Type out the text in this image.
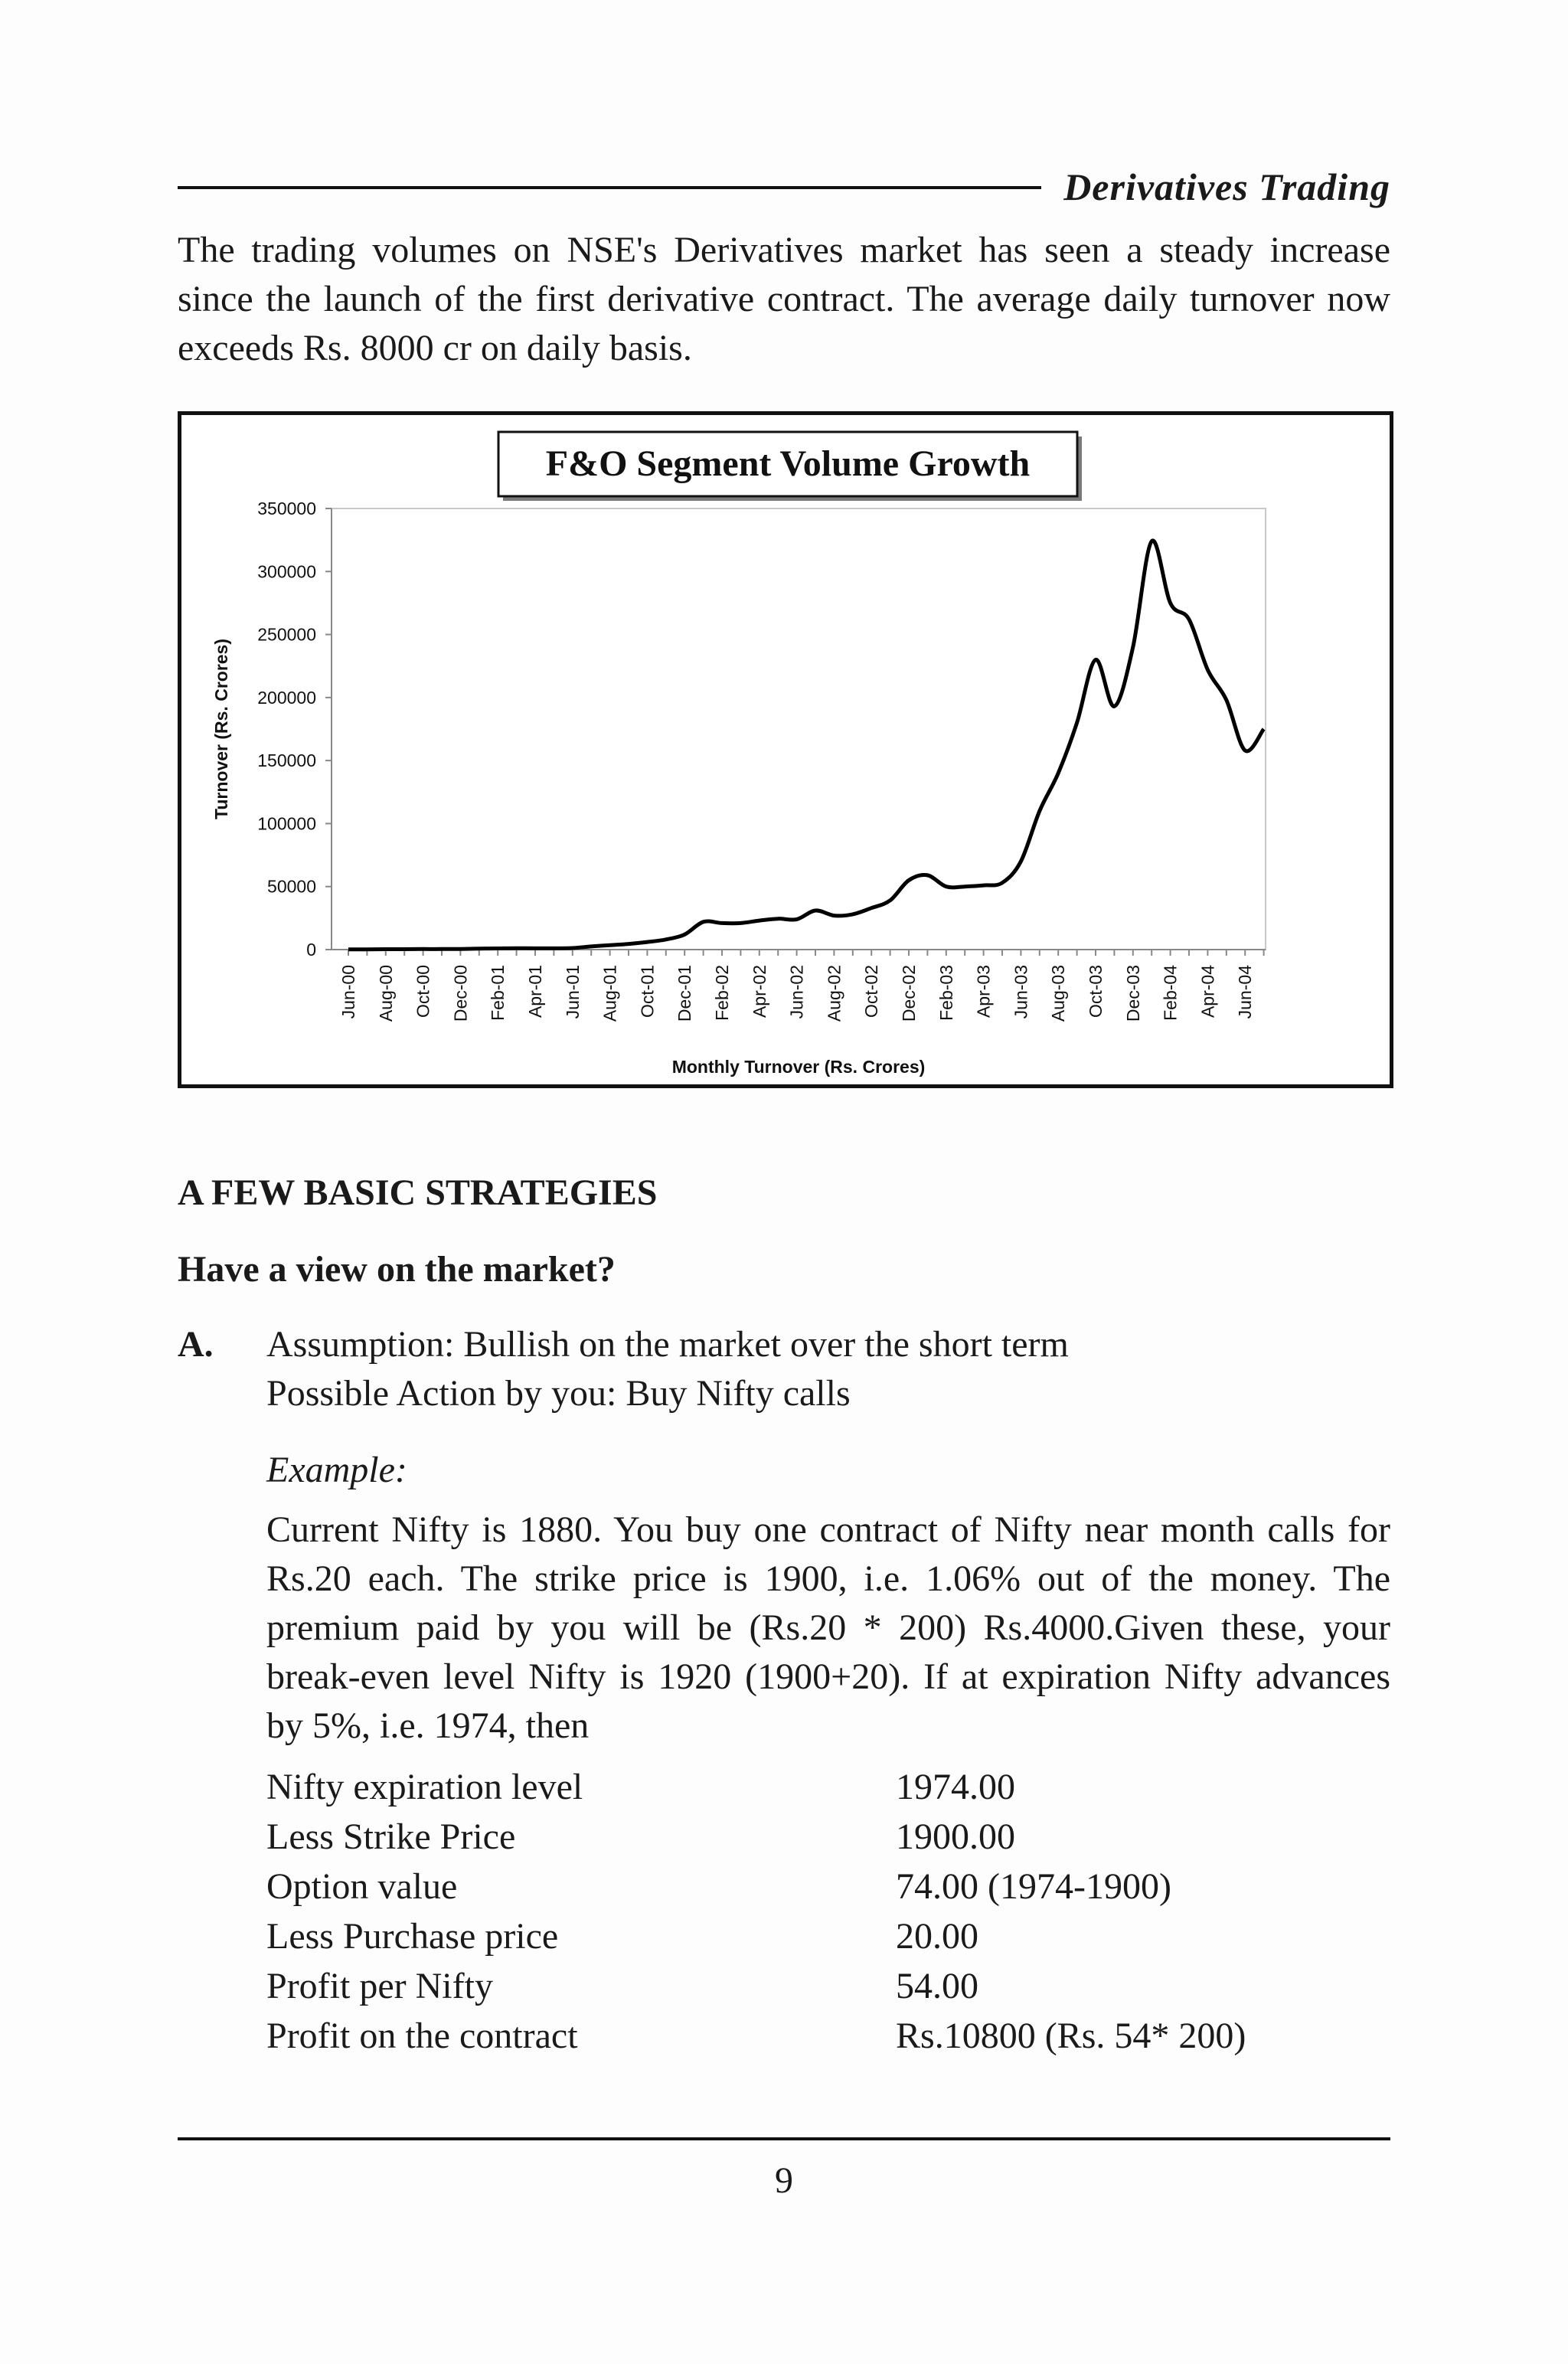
Derivatives Trading

The trading volumes on NSE's Derivatives market has seen a steady increase since the launch of the first derivative contract. The average daily turnover now exceeds Rs. 8000 cr on daily basis.

F&O Segment Volume Growth
0
50000
100000
150000
200000
250000
300000
350000
Jun-00 Aug-00 Oct-00 Dec-00 Feb-01 Apr-01 Jun-01 Aug-01 Oct-01 Dec-01 Feb-02 Apr-02 Jun-02 Aug-02 Oct-02 Dec-02 Feb-03 Apr-03 Jun-03 Aug-03 Oct-03 Dec-03 Feb-04 Apr-04 Jun-04
Turnover (Rs. Crores)
Monthly Turnover (Rs. Crores)
A FEW BASIC STRATEGIES
Have a view on the market?
A. Assumption: Bullish on the market over the short term
Possible Action by you: Buy Nifty calls
Example:

Current Nifty is 1880. You buy one contract of Nifty near month calls for Rs.20 each. The strike price is 1900, i.e. 1.06% out of the money. The premium paid by you will be (Rs.20 * 200) Rs.4000.Given these, your break-even level Nifty is 1920 (1900+20). If at expiration Nifty advances by 5%, i.e. 1974, then

Nifty expiration level	1974.00
Less Strike Price	1900.00
Option value	74.00 (1974-1900)
Less Purchase price	20.00
Profit per Nifty	54.00
Profit on the contract	Rs.10800 (Rs. 54* 200)
9
